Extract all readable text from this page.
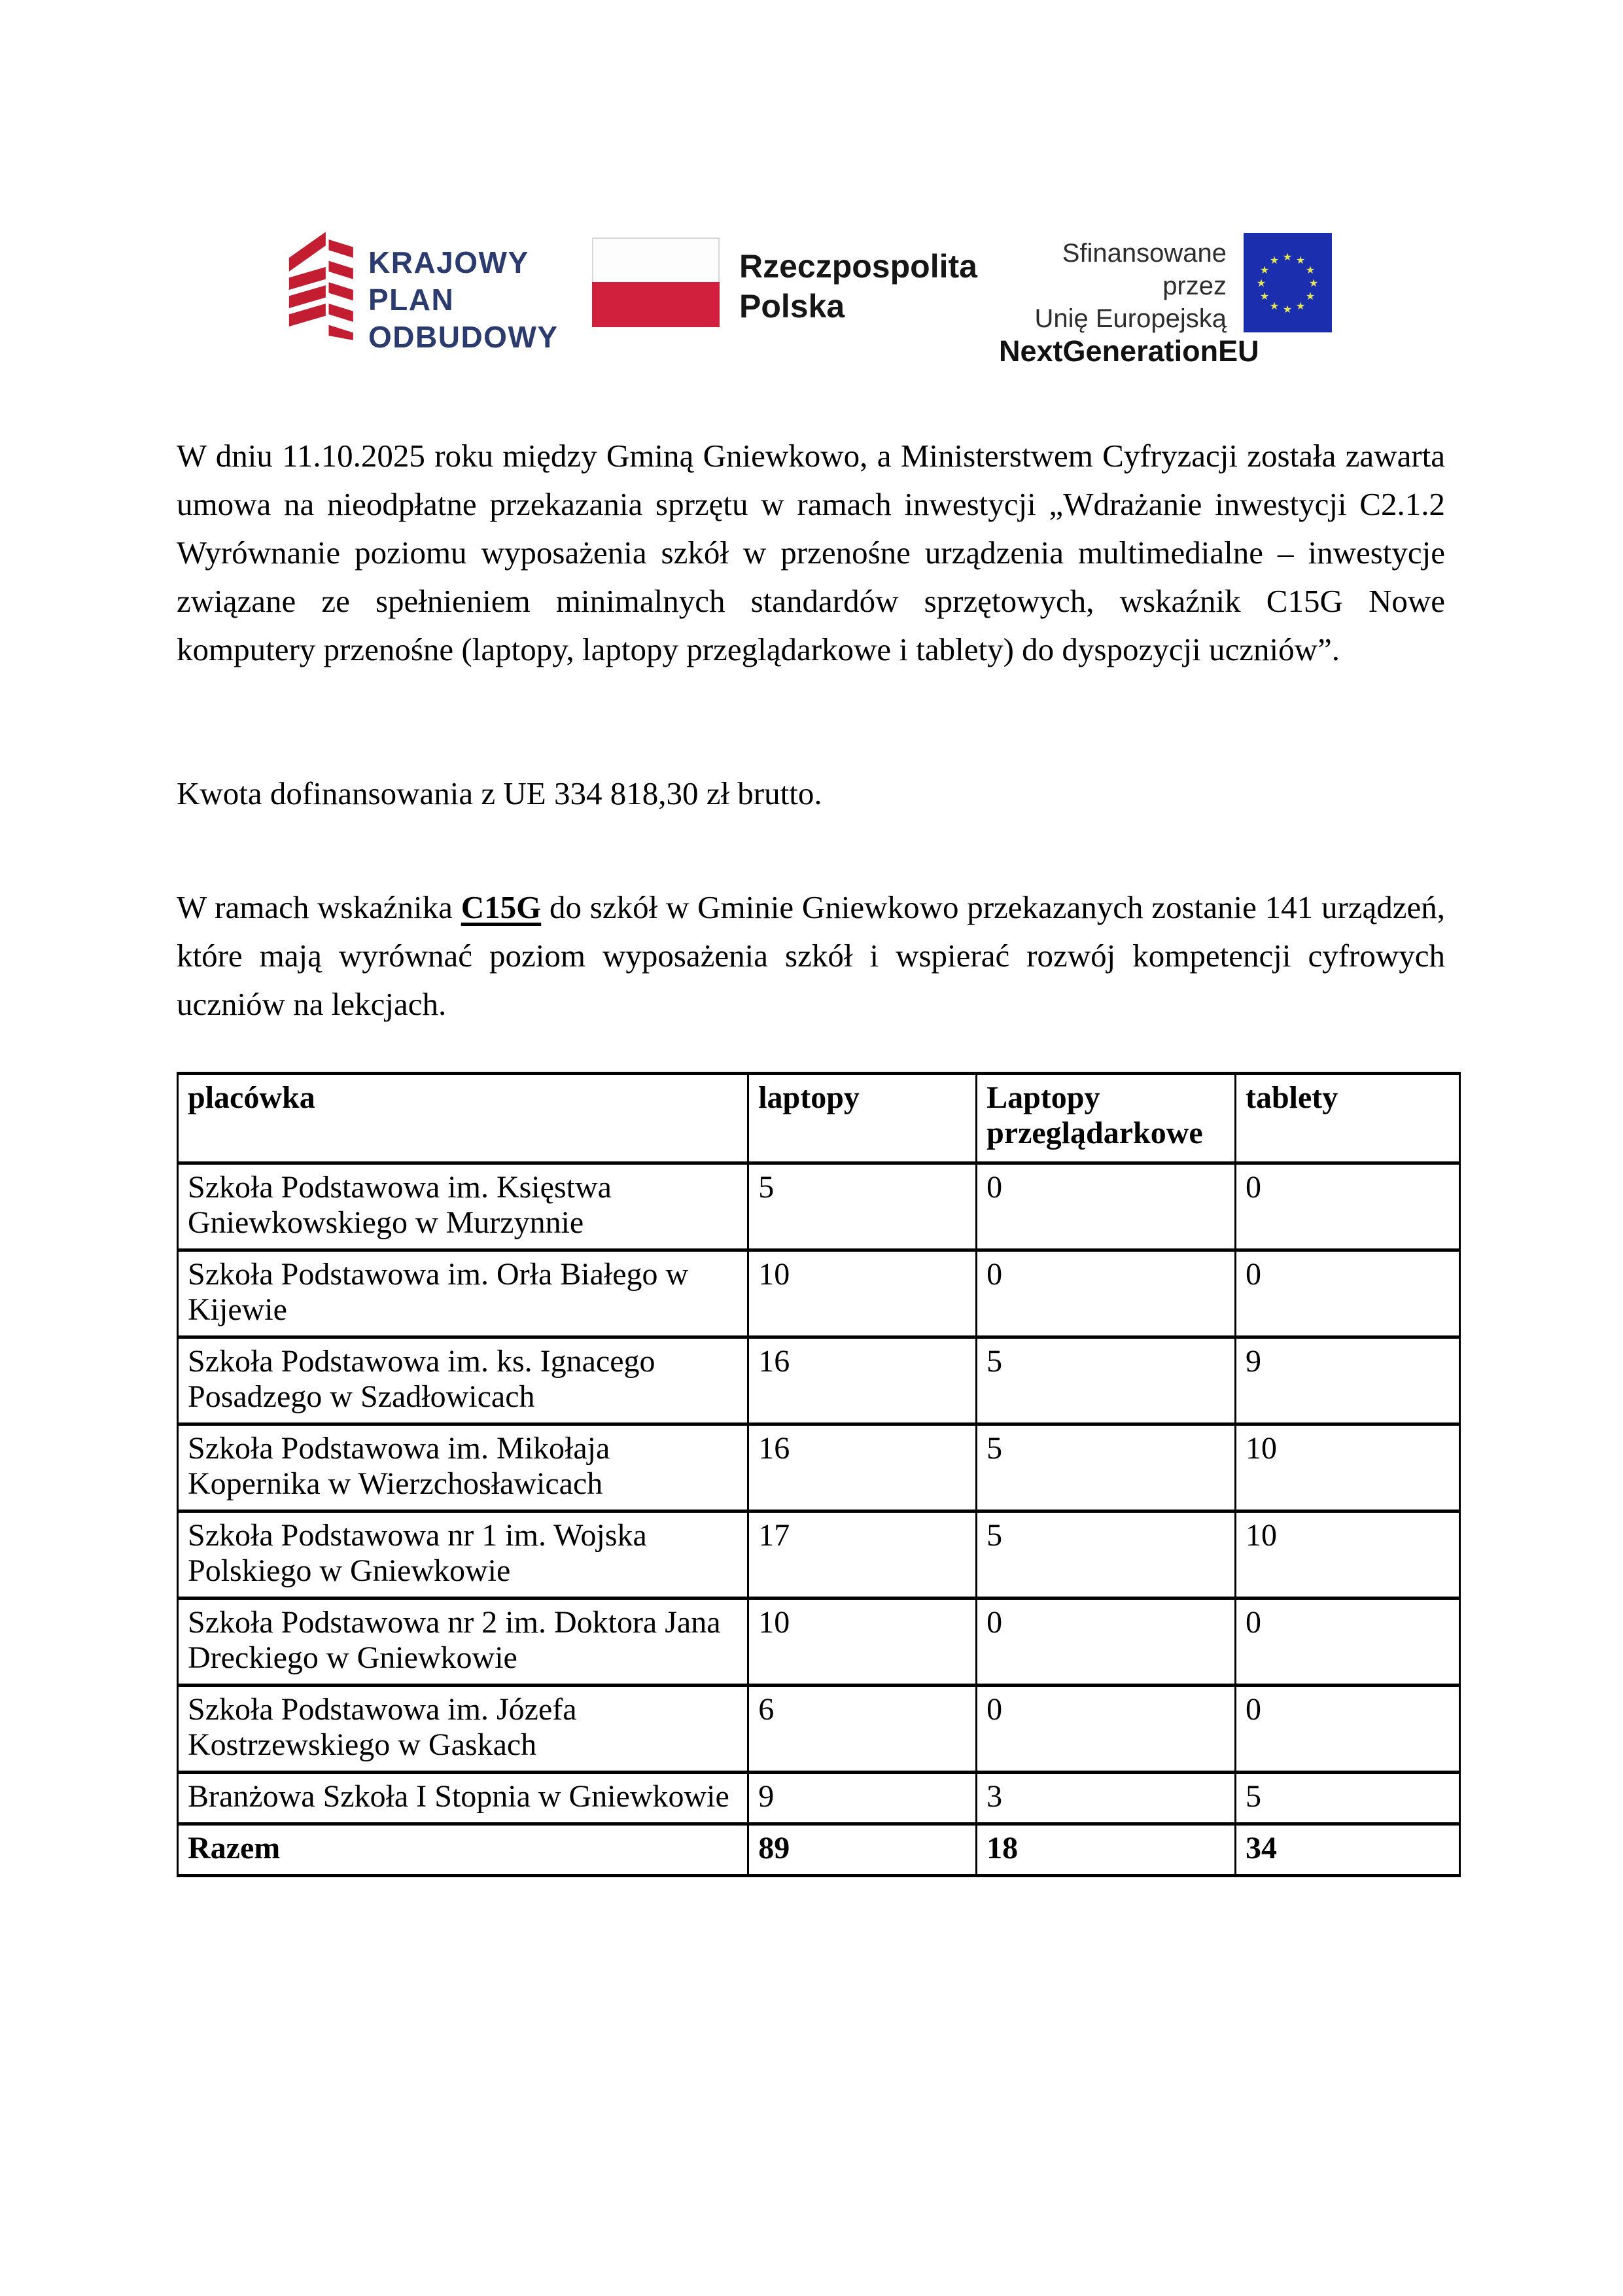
KRAJOWY
PLAN
ODBUDOWY
Rzeczpospolita
Polska
Sfinansowane przez
Unię Europejską
NextGenerationEU
★ ★
★
★
★
★
★
★
★
★
★
★

W dniu 11.10.2025 roku między Gminą Gniewkowo, a Ministerstwem Cyfryzacji została zawarta umowa na nieodpłatne przekazania sprzętu w ramach inwestycji „Wdrażanie inwestycji C2.1.2 Wyrównanie poziomu wyposażenia szkół w przenośne urządzenia multimedialne – inwestycje związane ze spełnieniem minimalnych standardów sprzętowych, wskaźnik C15G Nowe komputery przenośne (laptopy, laptopy przeglądarkowe i tablety) do dyspozycji uczniów”.

Kwota dofinansowania z UE 334 818,30 zł brutto.

W ramach wskaźnika C15G do szkół w Gminie Gniewkowo przekazanych zostanie 141 urządzeń, które mają wyrównać poziom wyposażenia szkół i wspierać rozwój kompetencji cyfrowych uczniów na lekcjach.

placówka	laptopy	Laptopy przeglądarkowe	tablety
Szkoła Podstawowa im. Księstwa Gniewkowskiego w Murzynnie	5	0	0
Szkoła Podstawowa im. Orła Białego w Kijewie	10	0	0
Szkoła Podstawowa im. ks. Ignacego Posadzego w Szadłowicach	16	5	9
Szkoła Podstawowa im. Mikołaja Kopernika w Wierzchosławicach	16	5	10
Szkoła Podstawowa nr 1 im. Wojska Polskiego w Gniewkowie	17	5	10
Szkoła Podstawowa nr 2 im. Doktora Jana Dreckiego w Gniewkowie	10	0	0
Szkoła Podstawowa im. Józefa Kostrzewskiego w Gaskach	6	0	0
Branżowa Szkoła I Stopnia w Gniewkowie	9	3	5
Razem	89	18	34
